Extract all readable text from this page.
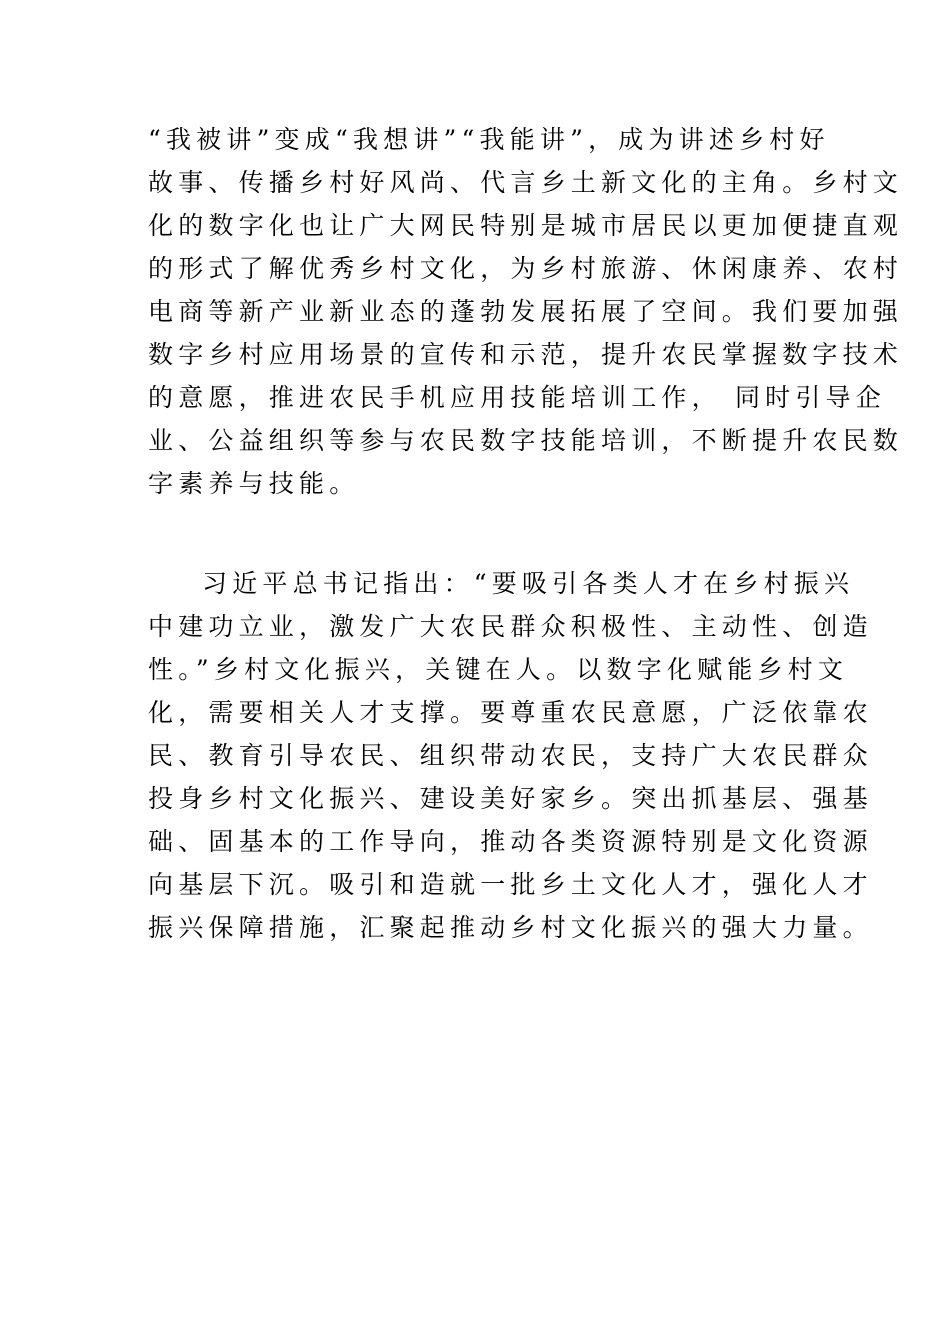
“我被讲”变成“我想讲”“我能讲”，成为讲述乡村好
故事、传播乡村好风尚、代言乡土新文化的主角。乡村文
化的数字化也让广大网民特别是城市居民以更加便捷直观
的形式了解优秀乡村文化，为乡村旅游、休闲康养、农村
电商等新产业新业态的蓬勃发展拓展了空间。我们要加强
数字乡村应用场景的宣传和示范，提升农民掌握数字技术
的意愿，推进农民手机应用技能培训工作， 同时引导企
业、公益组织等参与农民数字技能培训，不断提升农民数
字素养与技能。
习近平总书记指出：“要吸引各类人才在乡村振兴
中建功立业，激发广大农民群众积极性、主动性、创造
性。”乡村文化振兴，关键在人。以数字化赋能乡村文
化，需要相关人才支撑。要尊重农民意愿，广泛依靠农
民、教育引导农民、组织带动农民，支持广大农民群众
投身乡村文化振兴、建设美好家乡。突出抓基层、强基
础、固基本的工作导向，推动各类资源特别是文化资源
向基层下沉。吸引和造就一批乡土文化人才，强化人才
振兴保障措施，汇聚起推动乡村文化振兴的强大力量。
